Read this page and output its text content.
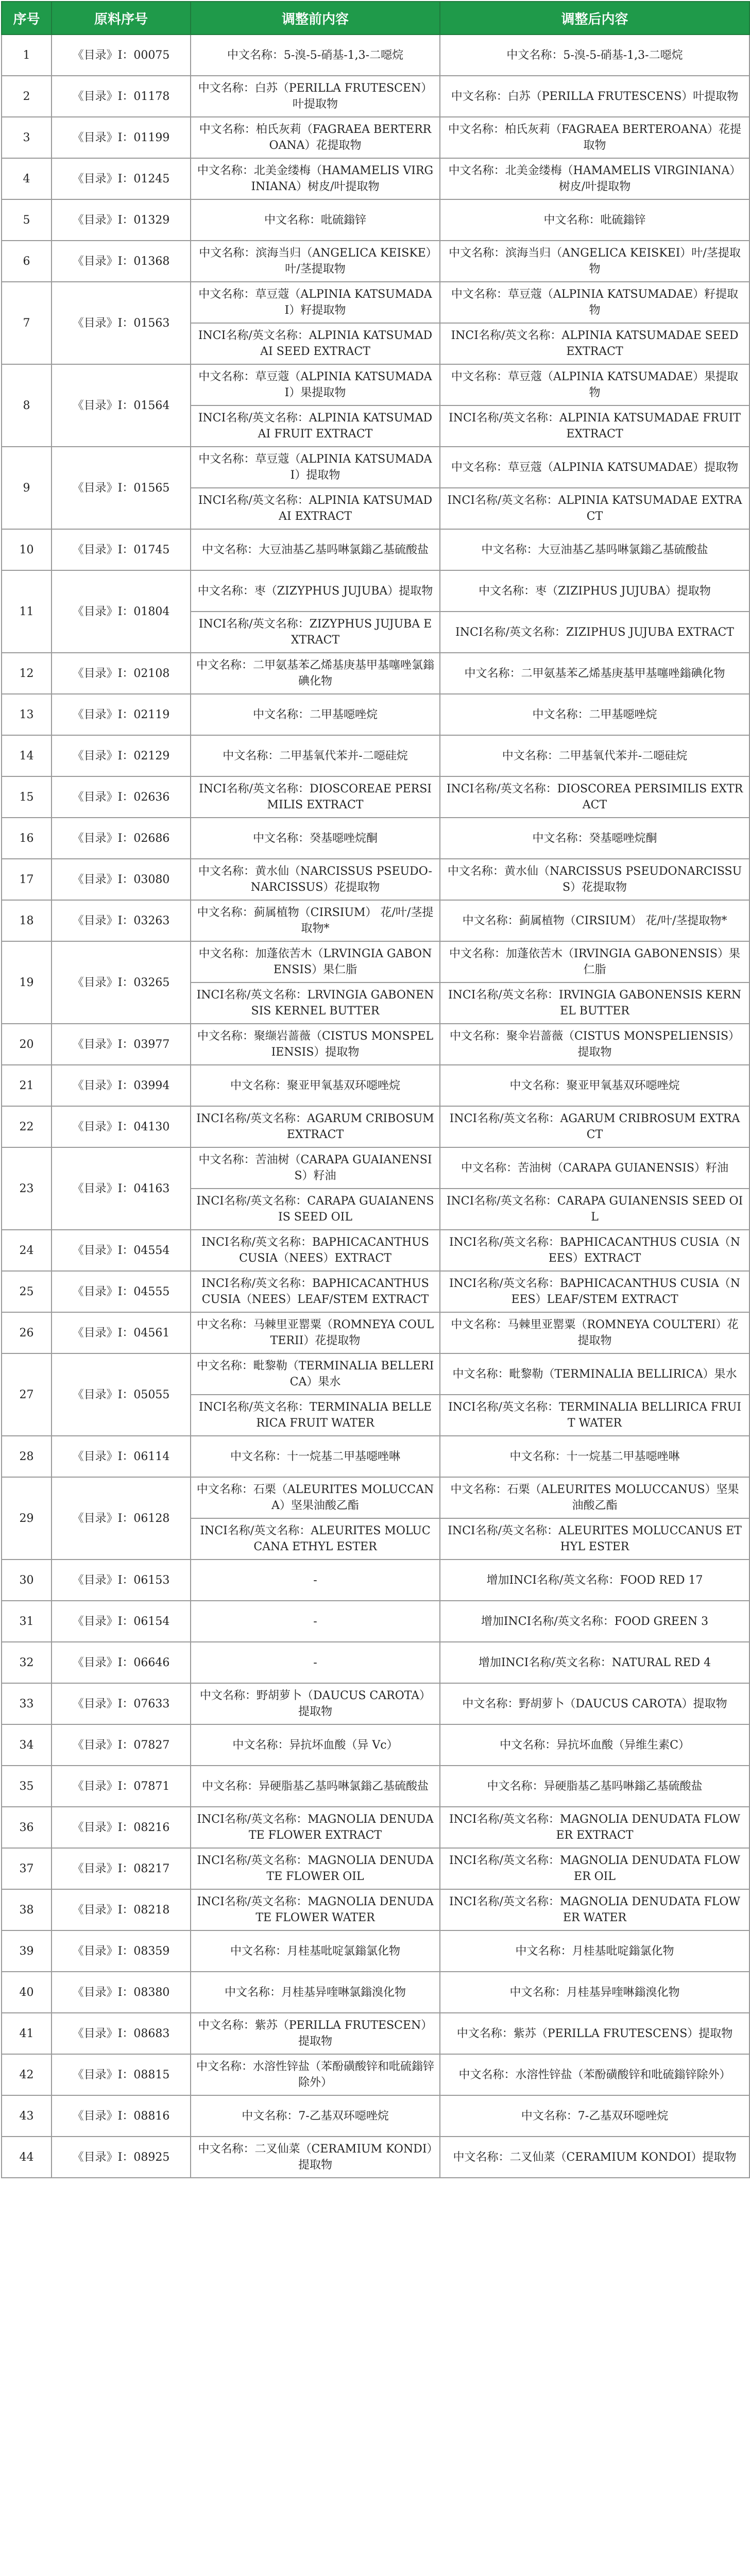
序号	原料序号	调整前内容	调整后内容
1	《目录》I：00075	中文名称：5-溴-5-硝基-1,3-二噁烷	中文名称：5-溴-5-硝基-1,3-二噁烷
2	《目录》I：01178	中文名称：白苏（PERILLA FRUTESCEN）叶提取物	中文名称：白苏（PERILLA FRUTESCENS）叶提取物
3	《目录》I：01199	中文名称：柏氏灰莉（FAGRAEA BERTERROANA）花提取物	中文名称：柏氏灰莉（FAGRAEA BERTEROANA）花提取物
4	《目录》I：01245	中文名称：北美金缕梅（HAMAMELIS VIRGINIANA）树皮/叶提取物	中文名称：北美金缕梅（HAMAMELIS VIRGINIANA）树皮/叶提取物
5	《目录》I：01329	中文名称：吡硫鎓锌	中文名称：吡硫鎓锌
6	《目录》I：01368	中文名称：滨海当归（ANGELICA KEISKE）叶/茎提取物	中文名称：滨海当归（ANGELICA KEISKEI）叶/茎提取物
7	《目录》I：01563	中文名称：草豆蔻（ALPINIA KATSUMADAI）籽提取物	中文名称：草豆蔻（ALPINIA KATSUMADAE）籽提取物
		INCI名称/英文名称：ALPINIA KATSUMADAI SEED EXTRACT	INCI名称/英文名称：ALPINIA KATSUMADAE SEED EXTRACT
8	《目录》I：01564	中文名称：草豆蔻（ALPINIA KATSUMADAI）果提取物	中文名称：草豆蔻（ALPINIA KATSUMADAE）果提取物
		INCI名称/英文名称：ALPINIA KATSUMADAI FRUIT EXTRACT	INCI名称/英文名称：ALPINIA KATSUMADAE FRUIT EXTRACT
9	《目录》I：01565	中文名称：草豆蔻（ALPINIA KATSUMADAI）提取物	中文名称：草豆蔻（ALPINIA KATSUMADAE）提取物
		INCI名称/英文名称：ALPINIA KATSUMADAI EXTRACT	INCI名称/英文名称：ALPINIA KATSUMADAE EXTRACT
10	《目录》I：01745	中文名称：大豆油基乙基吗啉氯鎓乙基硫酸盐	中文名称：大豆油基乙基吗啉氯鎓乙基硫酸盐
11	《目录》I：01804	中文名称：枣（ZIZYPHUS JUJUBA）提取物	中文名称：枣（ZIZIPHUS JUJUBA）提取物
		INCI名称/英文名称：ZIZYPHUS JUJUBA EXTRACT	INCI名称/英文名称：ZIZIPHUS JUJUBA EXTRACT
12	《目录》I：02108	中文名称：二甲氨基苯乙烯基庚基甲基噻唑氯鎓碘化物	中文名称：二甲氨基苯乙烯基庚基甲基噻唑鎓碘化物
13	《目录》I：02119	中文名称：二甲基噁唑烷	中文名称：二甲基噁唑烷
14	《目录》I：02129	中文名称：二甲基氧代苯并-二噁硅烷	中文名称：二甲基氧代苯并-二噁硅烷
15	《目录》I：02636	INCI名称/英文名称：DIOSCOREAE PERSIMILIS EXTRACT	INCI名称/英文名称：DIOSCOREA PERSIMILIS EXTRACT
16	《目录》I：02686	中文名称：癸基噁唑烷酮	中文名称：癸基噁唑烷酮
17	《目录》I：03080	中文名称：黄水仙（NARCISSUS PSEUDO-NARCISSUS）花提取物	中文名称：黄水仙（NARCISSUS PSEUDONARCISSUS）花提取物
18	《目录》I：03263	中文名称：蓟属植物（CIRSIUM） 花/叶/茎提取物*	中文名称：蓟属植物（CIRSIUM） 花/叶/茎提取物*
19	《目录》I：03265	中文名称：加蓬依苦木（LRVINGIA GABONENSIS）果仁脂	中文名称：加蓬依苦木（IRVINGIA GABONENSIS）果仁脂
		INCI名称/英文名称：LRVINGIA GABONENSIS KERNEL BUTTER	INCI名称/英文名称：IRVINGIA GABONENSIS KERNEL BUTTER
20	《目录》I：03977	中文名称：聚缬岩蔷薇（CISTUS MONSPELIENSIS）提取物	中文名称：聚伞岩蔷薇（CISTUS MONSPELIENSIS）提取物
21	《目录》I：03994	中文名称：聚亚甲氧基双环噁唑烷	中文名称：聚亚甲氧基双环噁唑烷
22	《目录》I：04130	INCI名称/英文名称：AGARUM CRIBOSUM EXTRACT	INCI名称/英文名称：AGARUM CRIBROSUM EXTRACT
23	《目录》I：04163	中文名称：苦油树（CARAPA GUAIANENSIS）籽油	中文名称：苦油树（CARAPA GUIANENSIS）籽油
		INCI名称/英文名称：CARAPA GUAIANENSIS SEED OIL	INCI名称/英文名称：CARAPA GUIANENSIS SEED OIL
24	《目录》I：04554	INCI名称/英文名称：BAPHICACANTHUS CUSIA（NEES）EXTRACT	INCI名称/英文名称：BAPHICACANTHUS CUSIA（NEES）EXTRACT
25	《目录》I：04555	INCI名称/英文名称：BAPHICACANTHUS CUSIA（NEES）LEAF/STEM EXTRACT	INCI名称/英文名称：BAPHICACANTHUS CUSIA（NEES）LEAF/STEM EXTRACT
26	《目录》I：04561	中文名称：马棘里亚罂粟（ROMNEYA COULTERII）花提取物	中文名称：马棘里亚罂粟（ROMNEYA COULTERI）花提取物
27	《目录》I：05055	中文名称：毗黎勒（TERMINALIA BELLERICA）果水	中文名称：毗黎勒（TERMINALIA BELLIRICA）果水
		INCI名称/英文名称：TERMINALIA BELLERICA FRUIT WATER	INCI名称/英文名称：TERMINALIA BELLIRICA FRUIT WATER
28	《目录》I：06114	中文名称：十一烷基二甲基噁唑啉	中文名称：十一烷基二甲基噁唑啉
29	《目录》I：06128	中文名称：石栗（ALEURITES MOLUCCANA）坚果油酸乙酯	中文名称：石栗（ALEURITES MOLUCCANUS）坚果油酸乙酯
		INCI名称/英文名称：ALEURITES MOLUCCANA ETHYL ESTER	INCI名称/英文名称：ALEURITES MOLUCCANUS ETHYL ESTER
30	《目录》I：06153	-	增加INCI名称/英文名称：FOOD RED 17
31	《目录》I：06154	-	增加INCI名称/英文名称：FOOD GREEN 3
32	《目录》I：06646	-	增加INCI名称/英文名称：NATURAL RED 4
33	《目录》I：07633	中文名称：野胡萝卜（DAUCUS CAROTA）提取物	中文名称：野胡萝卜（DAUCUS CAROTA）提取物
34	《目录》I：07827	中文名称：异抗坏血酸（异 Vc）	中文名称：异抗坏血酸（异维生素C）
35	《目录》I：07871	中文名称：异硬脂基乙基吗啉氯鎓乙基硫酸盐	中文名称：异硬脂基乙基吗啉鎓乙基硫酸盐
36	《目录》I：08216	INCI名称/英文名称：MAGNOLIA DENUDATE FLOWER EXTRACT	INCI名称/英文名称：MAGNOLIA DENUDATA FLOWER EXTRACT
37	《目录》I：08217	INCI名称/英文名称：MAGNOLIA DENUDATE FLOWER OIL	INCI名称/英文名称：MAGNOLIA DENUDATA FLOWER OIL
38	《目录》I：08218	INCI名称/英文名称：MAGNOLIA DENUDATE FLOWER WATER	INCI名称/英文名称：MAGNOLIA DENUDATA FLOWER WATER
39	《目录》I：08359	中文名称：月桂基吡啶氯鎓氯化物	中文名称：月桂基吡啶鎓氯化物
40	《目录》I：08380	中文名称：月桂基异喹啉氯鎓溴化物	中文名称：月桂基异喹啉鎓溴化物
41	《目录》I：08683	中文名称：紫苏（PERILLA FRUTESCEN）提取物	中文名称：紫苏（PERILLA FRUTESCENS）提取物
42	《目录》I：08815	中文名称：水溶性锌盐（苯酚磺酸锌和吡硫鎓锌除外）	中文名称：水溶性锌盐（苯酚磺酸锌和吡硫鎓锌除外）
43	《目录》I：08816	中文名称：7-乙基双环噁唑烷	中文名称：7-乙基双环噁唑烷
44	《目录》I：08925	中文名称：二叉仙菜（CERAMIUM KONDI）提取物	中文名称：二叉仙菜（CERAMIUM KONDOI）提取物
